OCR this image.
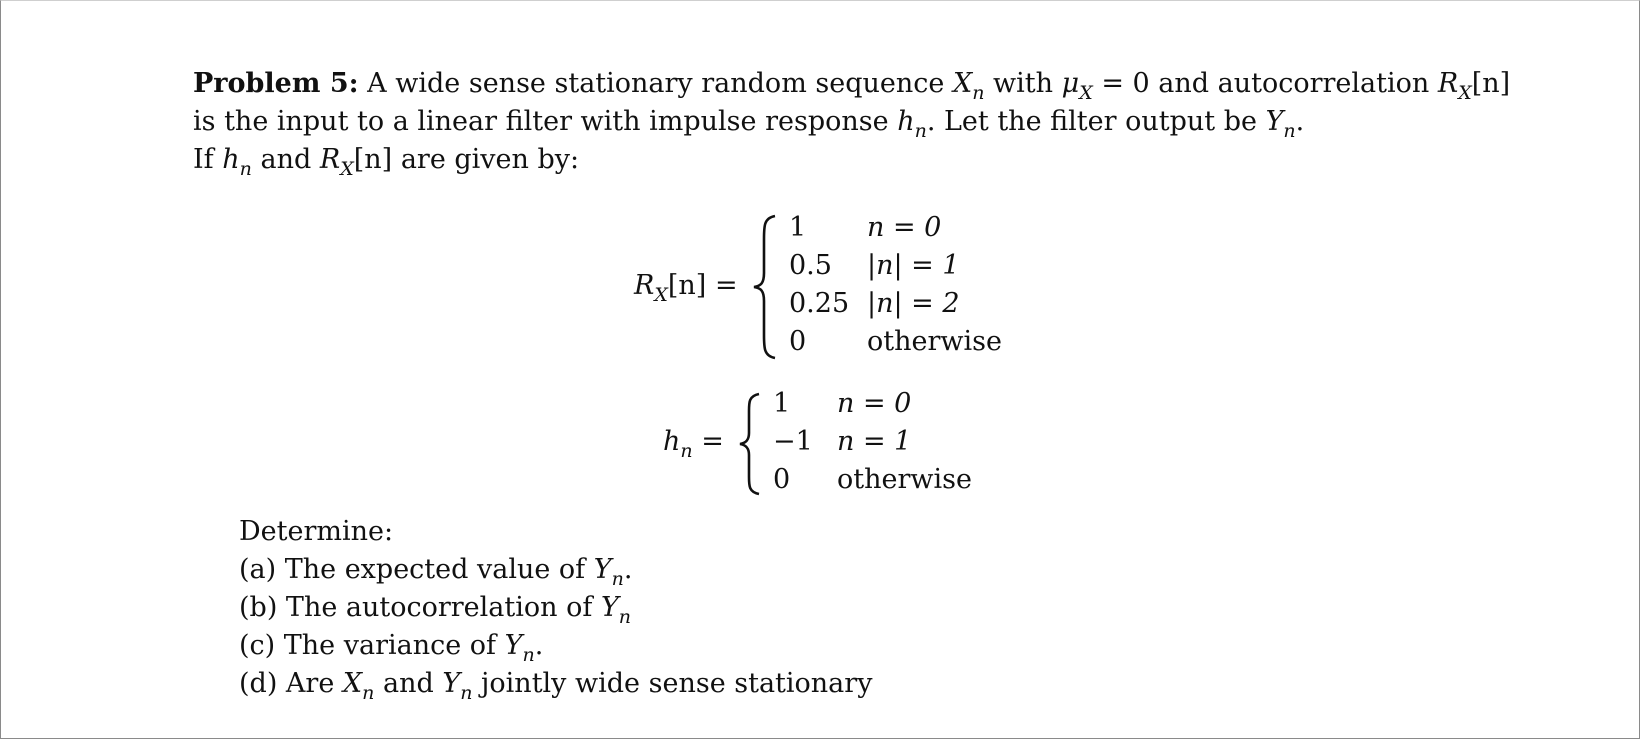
Problem 5: A wide sense stationary random sequence $X_n$ with $\mu_X = 0$ and autocorrelation $R_X[n]$
is the input to a linear filter with impulse response $h_n$. Let the filter output be $Y_n$.
If $h_n$ and $R_X[n]$ are given by:
$R_X[n]$ =
1
0.5
0.25
0
n = 0
|n| = 1
|n| = 2
otherwise
$h_n$ =
1
−1
0
n = 0
n = 1
otherwise
Determine:
(a) The expected value of $Y_n$.
(b) The autocorrelation of $Y_n$
(c) The variance of $Y_n$.
(d) Are $X_n$ and $Y_n$ jointly wide sense stationary
